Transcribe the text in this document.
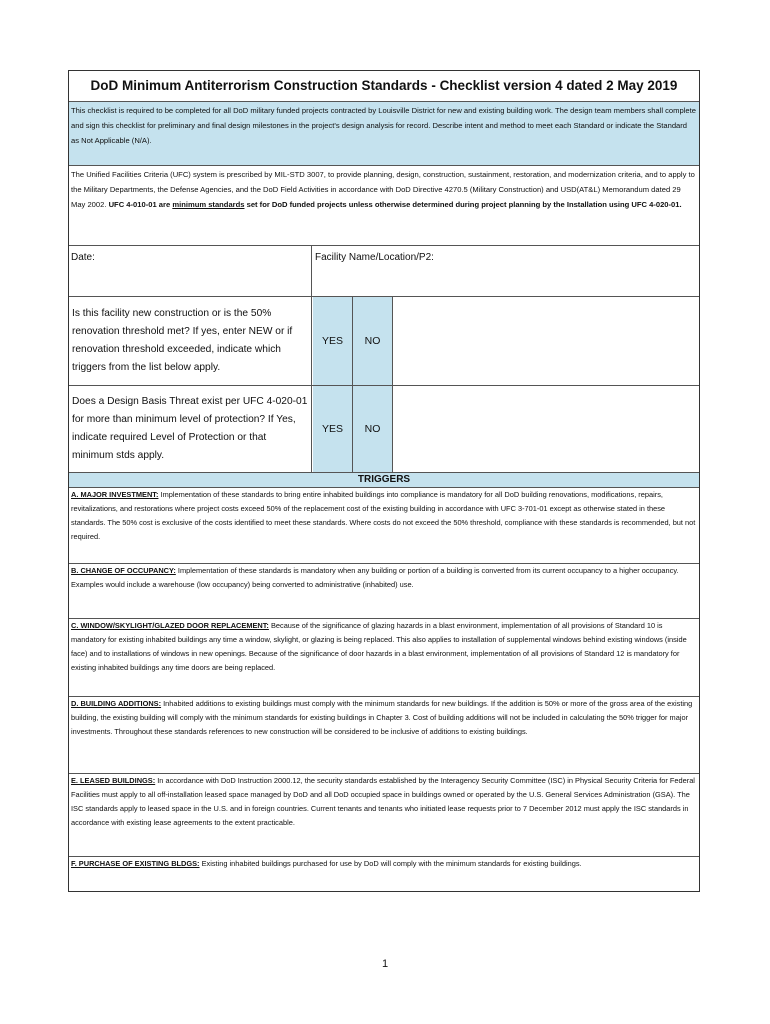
DoD Minimum Antiterrorism Construction Standards - Checklist version 4 dated 2 May 2019
This checklist is required to be completed for all DoD military funded projects contracted by Louisville District for new and existing building work. The design team members shall complete and sign this checklist for preliminary and final design milestones in the project's design analysis for record. Describe intent and method to meet each Standard or indicate the Standard as Not Applicable (N/A).
The Unified Facilities Criteria (UFC) system is prescribed by MIL-STD 3007, to provide planning, design, construction, sustainment, restoration, and modernization criteria, and to apply to the Military Departments, the Defense Agencies, and the DoD Field Activities in accordance with DoD Directive 4270.5 (Military Construction) and USD(AT&L) Memorandum dated 29 May 2002. UFC 4-010-01 are minimum standards set for DoD funded projects unless otherwise determined during project planning by the Installation using UFC 4-020-01.
Date:	Facility Name/Location/P2:
Is this facility new construction or is the 50% renovation threshold met? If yes, enter NEW or if renovation threshold exceeded, indicate which triggers from the list below apply.
YES	NO
Does a Design Basis Threat exist per UFC 4-020-01 for more than minimum level of protection? If Yes, indicate required Level of Protection or that minimum stds apply.
YES	NO
TRIGGERS
A. MAJOR INVESTMENT: Implementation of these standards to bring entire inhabited buildings into compliance is mandatory for all DoD building renovations, modifications, repairs, revitalizations, and restorations where project costs exceed 50% of the replacement cost of the existing building in accordance with UFC 3-701-01 except as otherwise stated in these standards. The 50% cost is exclusive of the costs identified to meet these standards. Where costs do not exceed the 50% threshold, compliance with these standards is recommended, but not required.
B. CHANGE OF OCCUPANCY: Implementation of these standards is mandatory when any building or portion of a building is converted from its current occupancy to a higher occupancy. Examples would include a warehouse (low occupancy) being converted to administrative (inhabited) use.
C. WINDOW/SKYLIGHT/GLAZED DOOR REPLACEMENT: Because of the significance of glazing hazards in a blast environment, implementation of all provisions of Standard 10 is mandatory for existing inhabited buildings any time a window, skylight, or glazing is being replaced. This also applies to installation of supplemental windows behind existing windows (inside face) and to installations of windows in new openings. Because of the significance of door hazards in a blast environment, implementation of all provisions of Standard 12 is mandatory for existing inhabited buildings any time doors are being replaced.
D. BUILDING ADDITIONS: Inhabited additions to existing buildings must comply with the minimum standards for new buildings. If the addition is 50% or more of the gross area of the existing building, the existing building will comply with the minimum standards for existing buildings in Chapter 3. Cost of building additions will not be included in calculating the 50% trigger for major investments. Throughout these standards references to new construction will be considered to be inclusive of additions to existing buildings.
E. LEASED BUILDINGS: In accordance with DoD Instruction 2000.12, the security standards established by the Interagency Security Committee (ISC) in Physical Security Criteria for Federal Facilities must apply to all off-installation leased space managed by DoD and all DoD occupied space in buildings owned or operated by the U.S. General Services Administration (GSA). The ISC standards apply to leased space in the U.S. and in foreign countries. Current tenants and tenants who initiated lease requests prior to 7 December 2012 must apply the ISC standards in accordance with existing lease agreements to the extent practicable.
F. PURCHASE OF EXISTING BLDGS: Existing inhabited buildings purchased for use by DoD will comply with the minimum standards for existing buildings.
1
